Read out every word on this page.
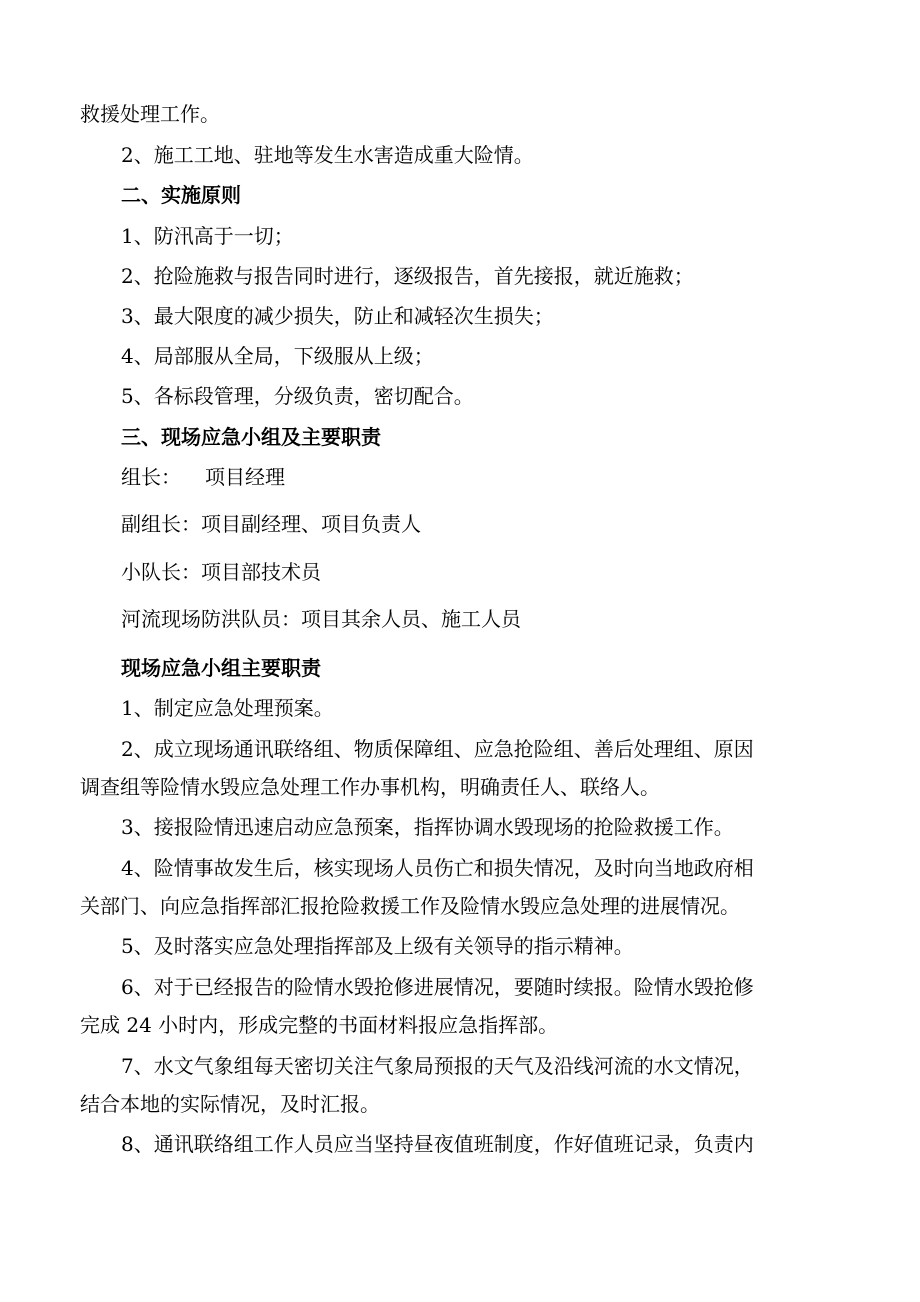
救援处理工作。
2、施工工地、驻地等发生水害造成重大险情。
二、实施原则
1、防汛高于一切；
2、抢险施救与报告同时进行，逐级报告，首先接报，就近施救；
3、最大限度的减少损失，防止和减轻次生损失；
4、局部服从全局，下级服从上级；
5、各标段管理，分级负责，密切配合。
三、现场应急小组及主要职责
组长： 项目经理
副组长：项目副经理、项目负责人
小队长：项目部技术员
河流现场防洪队员：项目其余人员、施工人员
现场应急小组主要职责
1、制定应急处理预案。
2、成立现场通讯联络组、物质保障组、应急抢险组、善后处理组、原因
调查组等险情水毁应急处理工作办事机构，明确责任人、联络人。
3、接报险情迅速启动应急预案，指挥协调水毁现场的抢险救援工作。
4、险情事故发生后，核实现场人员伤亡和损失情况，及时向当地政府相
关部门、向应急指挥部汇报抢险救援工作及险情水毁应急处理的进展情况。
5、及时落实应急处理指挥部及上级有关领导的指示精神。
6、对于已经报告的险情水毁抢修进展情况，要随时续报。险情水毁抢修
完成 24 小时内，形成完整的书面材料报应急指挥部。
7、水文气象组每天密切关注气象局预报的天气及沿线河流的水文情况，
结合本地的实际情况，及时汇报。
8、通讯联络组工作人员应当坚持昼夜值班制度，作好值班记录，负责内
